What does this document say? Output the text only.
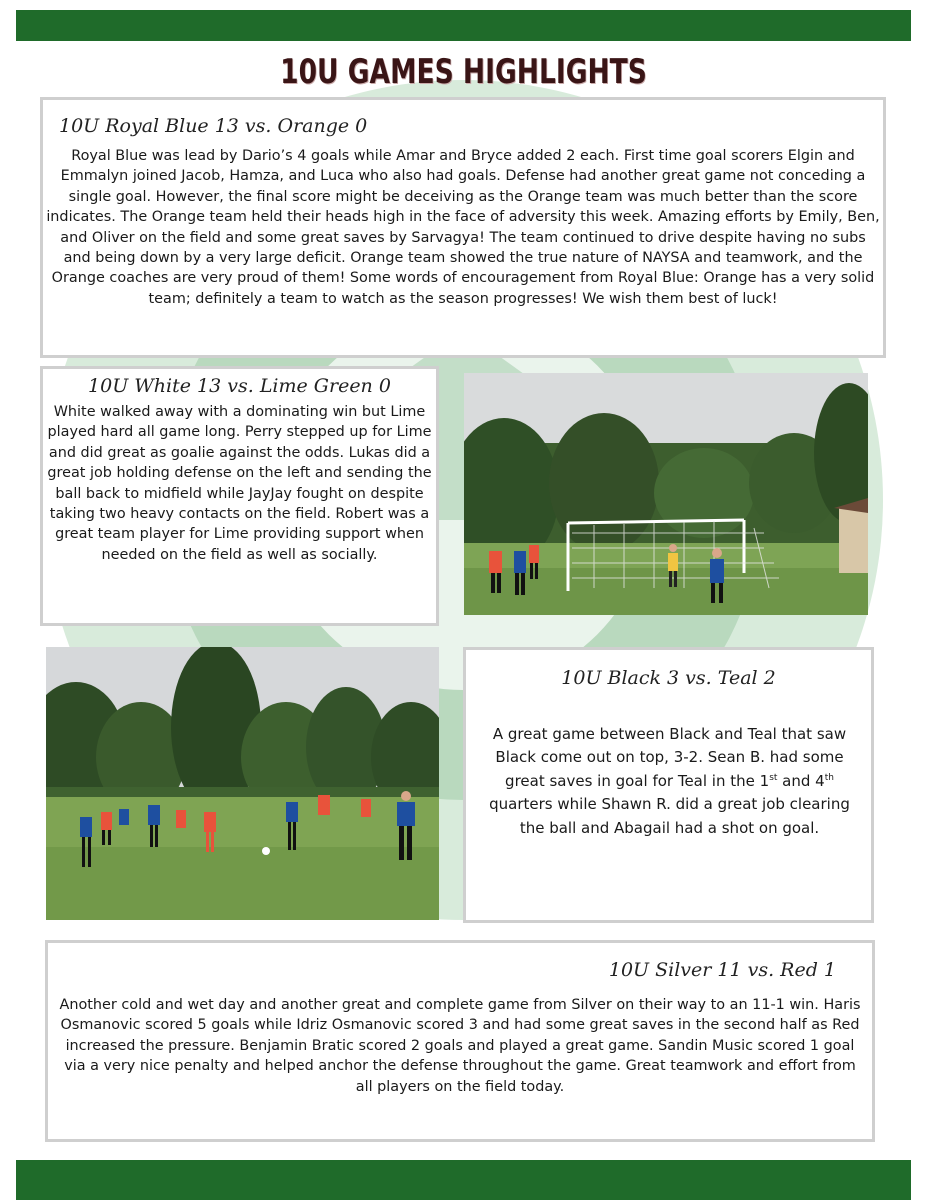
10U GAMES HIGHLIGHTS
10U Royal Blue 13 vs. Orange 0
Royal Blue was lead by Dario’s 4 goals while Amar and Bryce added 2 each. First time goal scorers Elgin and Emmalyn joined Jacob, Hamza, and Luca who also had goals. Defense had another great game not conceding a single goal. However, the final score might be deceiving as the Orange team was much better than the score indicates. The Orange team held their heads high in the face of adversity this week. Amazing efforts by Emily, Ben, and Oliver on the field and some great saves by Sarvagya! The team continued to drive despite having no subs and being down by a very large deficit. Orange team showed the true nature of NAYSA and teamwork, and the Orange coaches are very proud of them! Some words of encouragement from Royal Blue: Orange has a very solid team; definitely a team to watch as the season progresses! We wish them best of luck!
10U White 13 vs. Lime Green 0
White walked away with a dominating win but Lime played hard all game long. Perry stepped up for Lime and did great as goalie against the odds. Lukas did a great job holding defense on the left and sending the ball back to midfield while JayJay fought on despite taking two heavy contacts on the field. Robert was a great team player for Lime providing support when needed on the field as well as socially.
10U Black 3 vs. Teal 2
A great game between Black and Teal that saw Black come out on top, 3-2. Sean B. had some great saves in goal for Teal in the 1st and 4th quarters while Shawn R. did a great job clearing the ball and Abagail had a shot on goal.
10U Silver 11 vs. Red 1
Another cold and wet day and another great and complete game from Silver on their way to an 11-1 win. Haris Osmanovic scored 5 goals while Idriz Osmanovic scored 3 and had some great saves in the second half as Red increased the pressure. Benjamin Bratic scored 2 goals and played a great game. Sandin Music scored 1 goal via a very nice penalty and helped anchor the defense throughout the game. Great teamwork and effort from all players on the field today.
